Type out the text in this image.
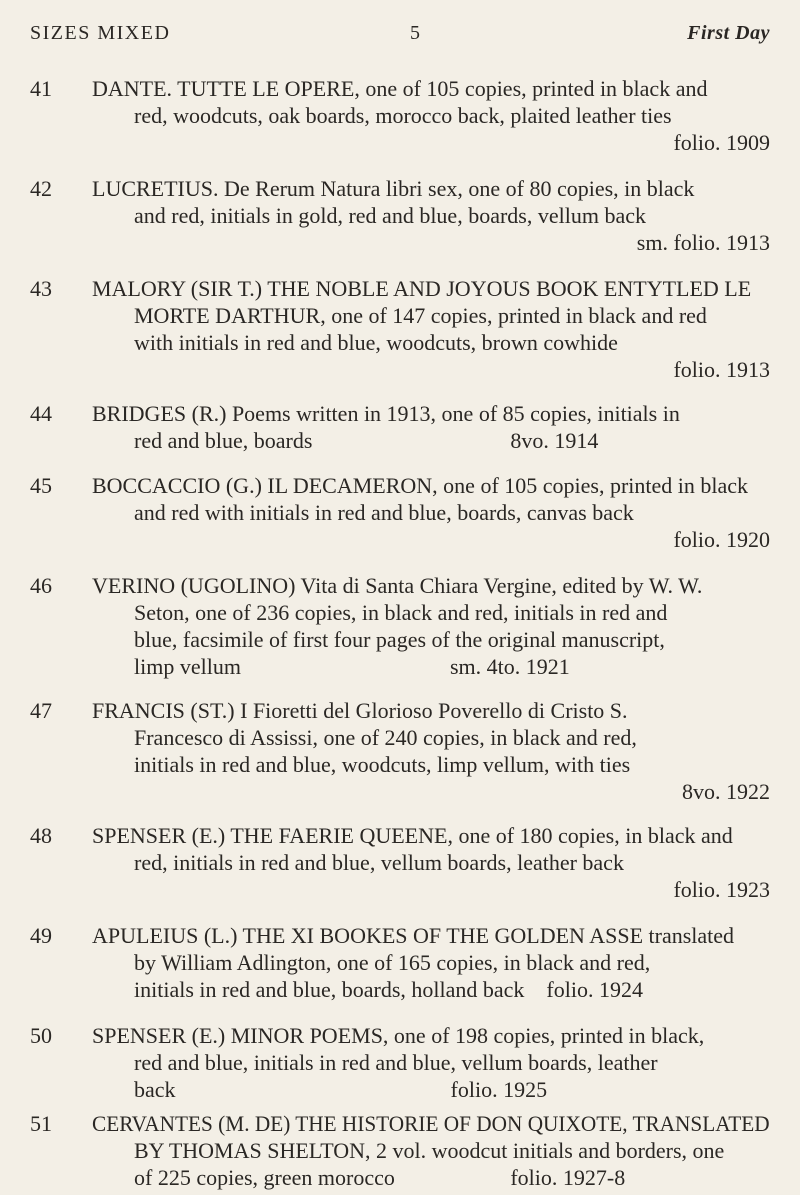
SIZES MIXED	5	First Day
41	DANTE. TUTTE LE OPERE, one of 105 copies, printed in black and
red, woodcuts, oak boards, morocco back, plaited leather ties
folio. 1909
42	LUCRETIUS. De Rerum Natura libri sex, one of 80 copies, in black
and red, initials in gold, red and blue, boards, vellum back
sm. folio. 1913
43	MALORY (SIR T.) THE NOBLE AND JOYOUS BOOK ENTYTLED LE
MORTE DARTHUR, one of 147 copies, printed in black and red
with initials in red and blue, woodcuts, brown cowhide
folio. 1913
44	BRIDGES (R.) Poems written in 1913, one of 85 copies, initials in
red and blue, boards                                    8vo. 1914
45	BOCCACCIO (G.) IL DECAMERON, one of 105 copies, printed in black
and red with initials in red and blue, boards, canvas back
folio. 1920
46	VERINO (UGOLINO) Vita di Santa Chiara Vergine, edited by W. W.
Seton, one of 236 copies, in black and red, initials in red and
blue, facsimile of first four pages of the original manuscript,
limp vellum                                      sm. 4to. 1921
47	FRANCIS (ST.) I Fioretti del Glorioso Poverello di Cristo S.
Francesco di Assissi, one of 240 copies, in black and red,
initials in red and blue, woodcuts, limp vellum, with ties
8vo. 1922
48	SPENSER (E.) THE FAERIE QUEENE, one of 180 copies, in black and
red, initials in red and blue, vellum boards, leather back
folio. 1923
49	APULEIUS (L.) THE XI BOOKES OF THE GOLDEN ASSE translated
by William Adlington, one of 165 copies, in black and red,
initials in red and blue, boards, holland back    folio. 1924
50	SPENSER (E.) MINOR POEMS, one of 198 copies, printed in black,
red and blue, initials in red and blue, vellum boards, leather
back                                                  folio. 1925
51	CERVANTES (M. DE) THE HISTORIE OF DON QUIXOTE, TRANSLATED
BY THOMAS SHELTON, 2 vol. woodcut initials and borders, one
of 225 copies, green morocco                     folio. 1927-8
